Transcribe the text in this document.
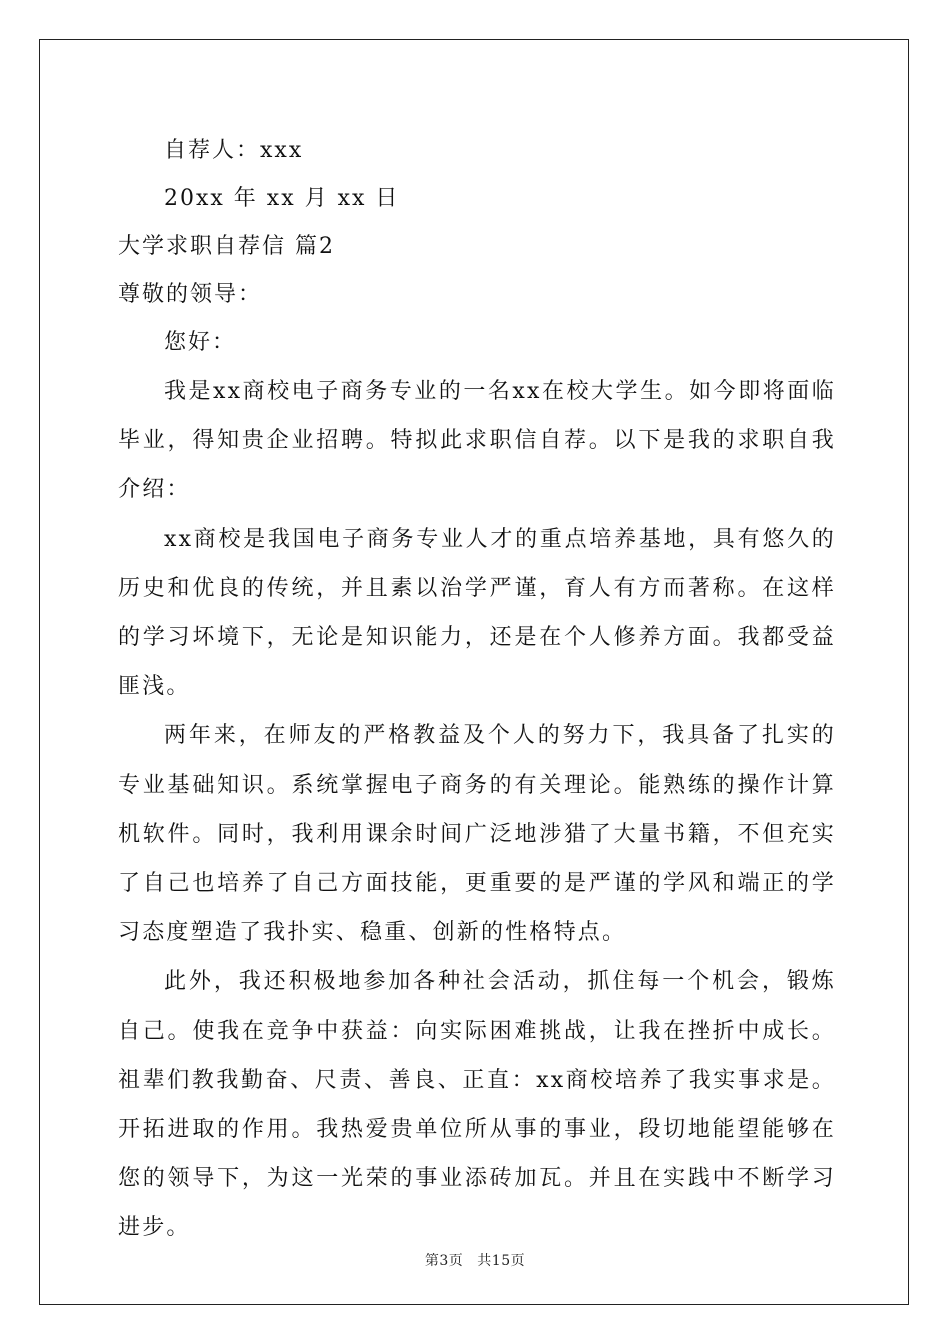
自荐人：xxx
20xx 年 xx 月 xx 日
大学求职自荐信 篇2
尊敬的领导：
您好：

我是xx商校电子商务专业的一名xx在校大学生。如今即将面临毕业，得知贵企业招聘。特拟此求职信自荐。以下是我的求职自我介绍：

xx商校是我国电子商务专业人才的重点培养基地，具有悠久的历史和优良的传统，并且素以治学严谨，育人有方而著称。在这样的学习坏境下，无论是知识能力，还是在个人修养方面。我都受益匪浅。

两年来，在师友的严格教益及个人的努力下，我具备了扎实的专业基础知识。系统掌握电子商务的有关理论。能熟练的操作计算机软件。同时，我利用课余时间广泛地涉猎了大量书籍，不但充实了自己也培养了自己方面技能，更重要的是严谨的学风和端正的学习态度塑造了我扑实、稳重、创新的性格特点。

此外，我还积极地参加各种社会活动，抓住每一个机会，锻炼自己。使我在竞争中获益：向实际困难挑战，让我在挫折中成长。祖辈们教我勤奋、尺责、善良、正直：xx商校培养了我实事求是。开拓进取的作用。我热爱贵单位所从事的事业，段切地能望能够在您的领导下，为这一光荣的事业添砖加瓦。并且在实践中不断学习进步。

第3页 共15页
